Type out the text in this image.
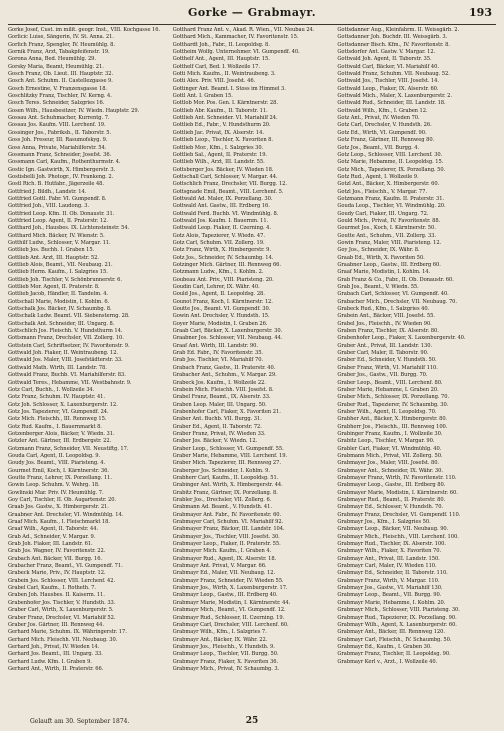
Gorke — Grabmayr.	193
Gorke Josef, Cust. im milit. geogr. Inst., VIII. Kochgasse 16.
Gorlicic Luise, Sängerin, IV. St. Anna. 21.
Gorlich Franz, Spengler, IV. Heumühlg. 8.
Gornik Franz, Arzt, Tabakpfeifenstr. 19.
Gorona Anna, Bed. Heumühlg. 29.
Gorsky Maria, Beamt, Heumühlg. 21.
Gosch Franz, Ob. Lieut. III. Hauptstr. 32.
Gosch Ant. Schuhm. II. Castellezgasse 9.
Gosch Ernestine, V. Franzensgasse 18.
Goschlitzky Franz, Tischler, IV. Kerng. 4.
Gosch Teres. Schneider, Salzgries 16.
Gosen Wilh., Hausbesitzer, IV. Wiedn. Hauptstr. 29.
Gossau Ant. Schuhmacher, Kurrentg. 7.
Gossau Jos. Kaufm. VIII. Lerchenf. 19.
Gossinger Jos., Fabriksb., II. Taborstr. 5.
Goss Joh. Freseur, III. Rasumofskyg. 9.
Goss Anna, Private, Mariahilferstr. 54.
Gossmann Franz, Schneider, Josefst. 36.
Gossmann Carl, Kaufm., Rothenthurmstr. 4.
Gostic Ign. Gastwirth, X. Himbergerstr. 3.
Gostisbelli Joh. Photogr., IV. Frankeng. 2.
Gostl Rich. B. Hutfabr., Jägerzeile 48.
Gottfried J. Bildh., Landstr. 14.
Gottfried Gottl. Fabr. VI. Gumpendf. 8.
Gottfried Joh., VIII. Laudong. 3.
Gottfried Leop. Kfm. II. Ob. Donaustr. 31.
Gottfried Leop. Agent, II. Praterstr. 12.
Gotthard Joh., Hausbes. IX. Lichtensteinstr. 54.
Gotthard Mich. Bäcker, IV. Wienstr. 5.
Gotthilf Ludw., Schlosser, V. Margar. 11.
Gottlieb Jos. Buchh. I. Graben 15.
Gottlieb Ant. Arzt, III. Hauptstr. 52.
Gottlieb Alois, Beamt., VII. Neubaug. 21.
Gottlieb Herm. Kaufm., I. Salzgries 15.
Gottlieb Joh. Tischler, V. Schönbrunnerstr. 6.
Gottlieb Mor. Agent, II. Praterstr. 8.
Gottlieb Jacob, Händler, II. Tandelm. 4.
Gottschall Marie, Modistin, I. Kohlm. 6.
Gottschalk Jos. Bäcker, IV. Schaumbg. 8.
Gottschalk Ludw. Beamt. VII. Siebensterng. 28.
Gottschalk Ant. Schneider, III. Ungarg. 8.
Gottschlich Jos. Fleischh. V. Hundsthurm 14.
Gottsmann Franz, Drechsler, VII. Zollerg. 10.
Gottstein Carl, Schriftsetzer, IV. Favoritenstr. 9.
Gottwald Joh. Fiaker, II. Weintraubeng. 12.
Gottwald Jos. Maler, VIII. Josefstädterstr. 33.
Gottwald Math. Wirth, III. Landstr. 78.
Gottwald Franz, Buchb. VI. Mariahilferstr. 83.
Gottwald Teres., Hebamme, VII. Westbahnstr. 9.
Gotz Carl, Buchh., I. Wollzeile 34.
Gotz Franz, Schuhm. IV. Hauptstr. 41.
Gotz Joh. Schlosser, X. Laxenburgerstr. 12.
Gotz Jos. Tapezierer, VI. Gumpendf. 24.
Gotz Mich. Fleischh., III. Rennweg 15.
Gotz Rud. Kaufm., I. Bauernmarkt 8.
Gotzenberger Alois, Bäcker, V. Wiedn. 31.
Gotzler Ant. Gärtner, III. Erdbergstr. 22.
Gotzmann Franz, Schneider, VII. Neustiftg. 17.
Gouda Carl, Agent, II. Leopoldsg. 9.
Goudy Jos. Beamt., VIII. Piaristeng. 4.
Gourmet Emil, Koch, I. Kärntnerstr. 36.
Goutte Franz, Lehrer, IX. Porzellang. 11.
Gowin Leop. Schuhm. V. Wehrg. 18.
Gowlinski Mar. Priv. IV. Heumühlg. 7.
Goy Carl, Tischler, II. Ob. Augartenstr. 20.
Graab Jos. Gastw., X. Himbergerstr. 21.
Graabner Ant. Drechsler, VI. Windmühlg. 14.
Graaf Mich. Kaufm., I. Fleischmarkt 18.
Graaf Wilh., Agent, II. Taborstr. 44.
Grab Ad., Schneider, V. Margar. 9.
Grab Joh. Fiaker, III. Landstr. 61.
Grab Jos. Wagner, IV. Favoritenstr. 22.
Grabach Ant. Bäcker, VII. Burgg. 16.
Grabacher Franz, Beamt., VI. Gumpendf. 71.
Grabeck Marie, Priv., IV. Hauptstr. 12.
Grabein Jos. Schlosser, VIII. Lerchenf. 42.
Grabel Carl, Kaufm., I. Rotheth. 7.
Graben Joh. Hausbes. II. Kaiserm. 11.
Grabenhofer Jos. Tischler, V. Hundsth. 33.
Graber Carl, Wirth, X. Laxenburgerstr. 5.
Graber Franz, Drechsler, VI. Mariahilf 52.
Graber Jos. Gärtner, III. Rennweg 44.
Gerhard Marie, Schuhm. IX. Währingerstr. 17.
Gerhard Mich. Fleischh. VII. Neubaug. 30.
Gerhard Joh., Privat, IV. Wieden 14.
Gerhard Jos. Beamt., III. Ungarg. 33.
Gerhard Ludw. Kfm. I. Graben 9.
Gerhard Ant., Wirth, II. Praterstr. 66.
Gotthard Franz Ant. v., Akad. R. Wien., VII. Neubau 24.
Gotthard Mich., Kammacher, IV. Favoritenstr. 15.
Gotthardt Joh., Fabr., II. Leopoldsg. 8.
Gottheim Wolfg. Unternehmer. VI. Gumpendf. 40.
Gotthelf Ant., Agent, III. Hauptstr. 15.
Gotthelf Carl, Bed. I. Wollzeile 17.
Gotti Mich. Kaufm., II. Weintraubeng. 3.
Gotti Alex. Priv. VIII. Josefst. 46.
Gottinger Ant. Beamt. I. Stoss im Himmel 3.
Gottl Ant. I. Graben 15.
Gottlob Mor. Pos. Gen. I. Kärntnerstr. 28.
Gottlieb Abr. Kaufm., II. Taborstr. 11.
Gottlieb Ant. Schneider. VI. Mariahilf 24.
Gottlieb Ed., Fabr., V. Hundsthurm 20.
Gottlieb Jac. Privat, IX. Alserstr. 14.
Gottlieb Leop., Tischler, X. Favoriten 8.
Gottlieb Mor., Kfm., I. Salzgries 30.
Gottlieb Sal., Agent, II. Praterstr. 19.
Gottlieb Wilh., Arzt, III. Landstr. 55.
Gottsberger Jos. Bäcker, IV. Wieden 18.
Gottschall Carl, Schlosser, V. Margar. 44.
Gottschlich Franz, Drechsler, VII. Burgg. 12.
Gottsgnade Emil, Beamt., VIII. Lerchenf. 5.
Gottwald Ad. Maler, IX. Porzellang. 30.
Gottwald Ant. Gastw., III. Erdberg 16.
Gottwald Ferd. Buchb. VI. Windmühlg. 8.
Gottwald Jos. Kaufm. I. Bauernm. 11.
Gottwald Leop. Fiaker, II. Czerning. 4.
Gotz Alois, Tapezierer, V. Wiedn. 47.
Gotz Carl, Schuhm. VII. Zollerg. 19.
Gotz Franz, Wirth, X. Himbergerstr. 9.
Gotz Jos., Schneider, IV. Schaumbg. 14.
Gotzinger Mich. Gärtner, III. Rennweg 66.
Gotzmann Ludw., Kfm., I. Kohlm. 2.
Goubeau Ant. Priv., VIII. Piaristeng. 20.
Goudin Carl, Lehrer, IX. Währ. 40.
Gould Jos., Agent, II. Leopoldsg. 28.
Gounot Franz, Koch, I. Kärntnerstr. 12.
Goutte Jos., Beamt. VI. Gumpendf. 30.
Gowin Ant. Drechsler, V. Hundsth. 15.
Goyer Marie, Modistin, I. Graben 26.
Graab Carl, Bäcker, X. Laxenburgerstr. 30.
Graabner Jos. Schlosser, VII. Neubaug. 44.
Graaf Ant. Wirth, III. Landstr. 90.
Grab Ed. Fabr., IV. Favoritenstr. 35.
Grab Jos. Tischler, VI. Mariahilf 70.
Grabach Franz, Gastw., II. Praterstr. 40.
Grabacher Ant., Schuhm., V. Margar. 29.
Grabeck Jos. Kaufm., I. Wollzeile 22.
Grabein Mich. Fleischh. VIII. Josefst. 8.
Grabel Franz, Beamt., IX. Alserstr. 33.
Graben Leop. Maler, III. Ungarg. 50.
Grabenhofer Carl, Fiaker, X. Favoriten 21.
Graber Ant. Buchb. VII. Burgg. 31.
Graber Ed., Agent, II. Taborstr. 72.
Graber Franz, Privat, IV. Wieden 33.
Graber Jos. Bäcker, V. Wiedn. 12.
Graber Leop., Schlosser, VI. Gumpendf. 55.
Graber Marie, Hebamme, VIII. Lerchenf. 19.
Graber Mich. Tapezierer, III. Rennweg 27.
Graberger Jos. Schneider, I. Kohlm. 9.
Grabherr Carl, Kaufm., II. Leopoldsg. 51.
Grabinger Ant. Wirth, X. Himbergerstr. 44.
Grabitz Franz, Gärtner, IX. Porzellang. 8.
Grabler Jos., Drechsler, VII. Zollerg. 6.
Grabmann Ad. Beamt., V. Hundsth. 41.
Grabmayer Ant. Fabr., IV. Favoritenstr. 60.
Grabmayer Carl, Schuhm. VI. Mariahilf 92.
Grabmayer Franz, Bäcker, III. Landstr. 104.
Grabmayer Jos., Tischler, VIII. Josefst. 30.
Grabmayer Leop., Fiaker, II. Praterstr. 55.
Grabmayer Mich. Kaufm., I. Graben 4.
Grabmayer Rud., Agent, IX. Alserstr. 18.
Grabmayr Ant. Privat, V. Margar. 66.
Grabmayr Ed., Maler, VII. Neubaug. 12.
Grabmayr Franz, Schneider, IV. Wieden 55.
Grabmayr Jos., Wirth, X. Laxenburgerstr. 17.
Grabmayr Leop., Gastw., III. Erdberg 40.
Grabmayr Marie, Modistin, I. Kärntnerstr. 44.
Grabmayr Mich., Beamt., VI. Gumpendf. 12.
Grabmayr Rud., Schlosser, II. Czerning. 19.
Grabmayr Carl, Drechsler, VIII. Lerchenf. 60.
Grabmayr Wilh., Kfm., I. Salzgries 7.
Grabmayr Ant., Bäcker, IX. Währ. 22.
Grabmayr Jos., Fleischh., V. Hundsth. 9.
Grabmayr Leop., Tischler, VII. Burgg. 50.
Grabmayr Franz, Fiaker, X. Favoriten 36.
Grabmayr Mich., Privat, IV. Schaumbg. 3.
Gottsdanner Aug., Kleinfahrm. II. Weissgärb. 2.
Gottsdanner Joh. Buchdr. III. Weissgärb. 3.
Gottsdanner Bisch. Kfm., IV. Favoritenstr. 8.
Gottsdorfer Ant. Gastw. V. Margar. 12.
Gottwald Joh. Agent, II. Taborstr. 35.
Gottwald Carl, Bäcker, VI. Mariahilf 40.
Gottwald Franz, Schuhm. VII. Neubaug. 52.
Gottwald Jos., Tischler, VIII. Josefst. 14.
Gottwald Leop., Fiaker, IX. Alserstr. 60.
Gottwald Mich., Maler, X. Laxenburgerstr. 2.
Gottwald Rud., Schneider, III. Landstr. 18.
Gottwald Wilh., Kfm., I. Graben 12.
Gotz Ant., Privat, IV. Wieden 70.
Gotz Carl, Drechsler, V. Hundsth. 26.
Gotz Ed., Wirth, VI. Gumpendf. 90.
Gotz Franz, Gärtner, III. Rennweg 80.
Gotz Jos., Beamt., VII. Burgg. 4.
Gotz Leop., Schlosser, VIII. Lerchenf. 30.
Gotz Marie, Hebamme, II. Leopoldsg. 15.
Gotz Mich., Tapezierer, IX. Porzellang. 50.
Gotz Rud., Agent, I. Wollzeile 9.
Gotzl Ant., Bäcker, X. Himbergerstr. 60.
Gotzl Jos., Fleischh., V. Margar. 77.
Gotzmann Franz, Kaufm. II. Praterstr. 31.
Gouda Leop., Tischler, VI. Windmühlg. 20.
Goudy Carl, Fiaker, III. Ungarg. 72.
Gould Mich., Privat, IV. Favoritenstr. 88.
Gourmet Jos., Koch, I. Kärntnerstr. 50.
Goutte Ant., Schuhm., VII. Zollerg. 33.
Gowin Franz, Maler, VIII. Piaristeng. 12.
Goy Jos., Schneider, IX. Währ. 8.
Graab Ed., Wirth, X. Favoriten 50.
Graabner Leop., Gastw., III. Erdberg 60.
Graaf Marie, Modistin, I. Kohlm. 14.
Grab Franz & Co., Fabr., II. Ob. Donaustr. 60.
Grab Jos., Beamt., V. Wiedn. 55.
Grabach Carl, Schlosser, VI. Gumpendf. 40.
Grabacher Mich., Drechsler, VII. Neubaug. 70.
Grabeck Rud., Kfm., I. Salzgries 40.
Grabein Ant., Bäcker, VIII. Josefst. 55.
Grabel Jos., Fleischh., IV. Wieden 90.
Graben Franz, Tischler, IX. Alserstr. 80.
Grabenhofer Leop., Fiaker, X. Laxenburgerstr. 40.
Graber Ant., Privat, III. Landstr. 130.
Graber Carl, Maler, II. Taborstr. 90.
Graber Ed., Schneider, V. Hundsth. 50.
Graber Franz, Wirth, VI. Mariahilf 110.
Graber Jos., Gastw., VII. Burgg. 70.
Graber Leop., Beamt., VIII. Lerchenf. 80.
Graber Marie, Hebamme, I. Graben 20.
Graber Mich., Schlosser, IX. Porzellang. 70.
Graber Rud., Tapezierer, IV. Schaumbg. 30.
Graber Wilh., Agent, II. Leopoldsg. 70.
Grabher Ant., Bäcker, X. Himbergerstr. 80.
Grabherr Jos., Fleischh., III. Rennweg 100.
Grabinger Franz, Kaufm., I. Wollzeile 30.
Grabitz Leop., Tischler, V. Margar. 90.
Grabler Carl, Fiaker, VI. Windmühlg. 40.
Grabmann Mich., Privat, VII. Zollerg. 50.
Grabmayer Jos., Maler, VIII. Josefst. 80.
Grabmayer Ant., Schneider, IX. Währ. 30.
Grabmayer Franz, Wirth, IV. Favoritenstr. 110.
Grabmayer Leop., Gastw., III. Erdberg 80.
Grabmayer Marie, Modistin, I. Kärntnerstr. 60.
Grabmayer Rud., Beamt., II. Praterstr. 80.
Grabmayr Ed., Schlosser, V. Hundsth. 70.
Grabmayr Franz, Drechsler, VI. Gumpendf. 110.
Grabmayr Jos., Kfm., I. Salzgries 50.
Grabmayr Leop., Bäcker, VII. Neubaug. 90.
Grabmayr Mich., Fleischh., VIII. Lerchenf. 100.
Grabmayr Rud., Tischler, IX. Alserstr. 100.
Grabmayr Wilh., Fiaker, X. Favoriten 70.
Grabmayr Ant., Privat, III. Landstr. 150.
Grabmayr Carl, Maler, IV. Wieden 110.
Grabmayr Ed., Schneider, II. Taborstr. 110.
Grabmayr Franz, Wirth, V. Margar. 110.
Grabmayr Jos., Gastw., VI. Mariahilf 130.
Grabmayr Leop., Beamt., VII. Burgg. 90.
Grabmayr Marie, Hebamme, I. Kohlm. 20.
Grabmayr Mich., Schlosser, VIII. Piaristeng. 30.
Grabmayr Rud., Tapezierer, IX. Porzellang. 90.
Grabmayr Wilh., Agent, X. Laxenburgerstr. 60.
Grabmayr Ant., Bäcker, III. Rennweg 120.
Grabmayr Carl, Fleischh., IV. Schaumbg. 50.
Grabmayr Ed., Kaufm., I. Graben 30.
Grabmayr Franz, Tischler, II. Leopoldsg. 90.
Grabmayr Kerl v., Arzt., I. Wollzeile 40.
Gelauft am 30. September 1874.	25
